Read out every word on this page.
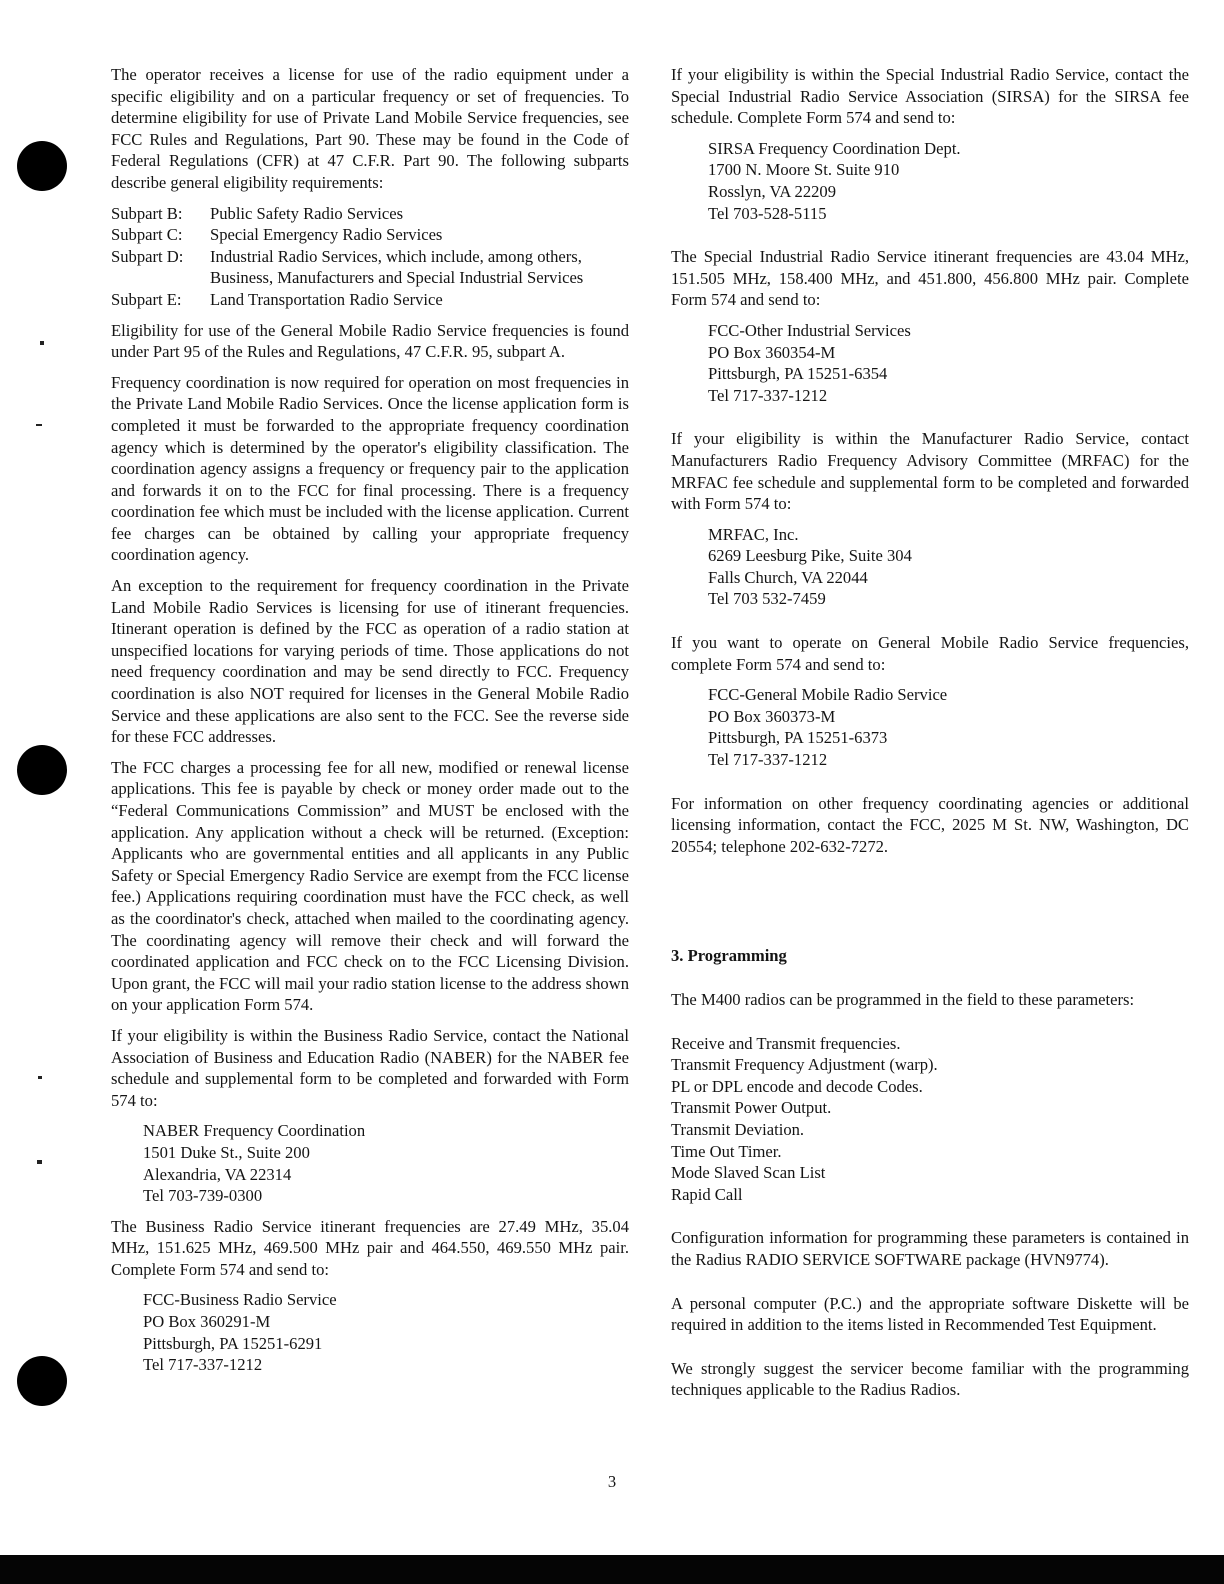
The operator receives a license for use of the radio equipment under a specific eligibility and on a particular frequency or set of frequencies. To determine eligibility for use of Private Land Mobile Service frequencies, see FCC Rules and Regulations, Part 90. These may be found in the Code of Federal Regulations (CFR) at 47 C.F.R. Part 90. The following subparts describe general eligibility requirements:

Subpart B:	Public Safety Radio Services
Subpart C:	Special Emergency Radio Services
Subpart D:	Industrial Radio Services, which include, among others, Business, Manufacturers and Special Industrial Services
Subpart E:	Land Transportation Radio Service

Eligibility for use of the General Mobile Radio Service frequencies is found under Part 95 of the Rules and Regulations, 47 C.F.R. 95, subpart A.

Frequency coordination is now required for operation on most frequencies in the Private Land Mobile Radio Services. Once the license application form is completed it must be forwarded to the appropriate frequency coordination agency which is determined by the operator's eligibility classification. The coordination agency assigns a frequency or frequency pair to the application and forwards it on to the FCC for final processing. There is a frequency coordination fee which must be included with the license application. Current fee charges can be obtained by calling your appropriate frequency coordination agency.

An exception to the requirement for frequency coordination in the Private Land Mobile Radio Services is licensing for use of itinerant frequencies. Itinerant operation is defined by the FCC as operation of a radio station at unspecified locations for varying periods of time. Those applications do not need frequency coordination and may be send directly to FCC. Frequency coordination is also NOT required for licenses in the General Mobile Radio Service and these applications are also sent to the FCC. See the reverse side for these FCC addresses.

The FCC charges a processing fee for all new, modified or renewal license applications. This fee is payable by check or money order made out to the “Federal Communications Commission” and MUST be enclosed with the application. Any application without a check will be returned. (Exception: Applicants who are governmental entities and all applicants in any Public Safety or Special Emergency Radio Service are exempt from the FCC license fee.) Applications requiring coordination must have the FCC check, as well as the coordinator's check, attached when mailed to the coordinating agency. The coordinating agency will remove their check and will forward the coordinated application and FCC check on to the FCC Licensing Division. Upon grant, the FCC will mail your radio station license to the address shown on your application Form 574.

If your eligibility is within the Business Radio Service, contact the National Association of Business and Education Radio (NABER) for the NABER fee schedule and supplemental form to be completed and forwarded with Form 574 to:

NABER Frequency Coordination
1501 Duke St., Suite 200
Alexandria, VA 22314
Tel 703-739-0300

The Business Radio Service itinerant frequencies are 27.49 MHz, 35.04 MHz, 151.625 MHz, 469.500 MHz pair and 464.550, 469.550 MHz pair. Complete Form 574 and send to:

FCC-Business Radio Service
PO Box 360291-M
Pittsburgh, PA 15251-6291
Tel 717-337-1212

If your eligibility is within the Special Industrial Radio Service, contact the Special Industrial Radio Service Association (SIRSA) for the SIRSA fee schedule. Complete Form 574 and send to:

SIRSA Frequency Coordination Dept.
1700 N. Moore St. Suite 910
Rosslyn, VA 22209
Tel 703-528-5115

The Special Industrial Radio Service itinerant frequencies are 43.04 MHz, 151.505 MHz, 158.400 MHz, and 451.800, 456.800 MHz pair. Complete Form 574 and send to:

FCC-Other Industrial Services
PO Box 360354-M
Pittsburgh, PA 15251-6354
Tel 717-337-1212

If your eligibility is within the Manufacturer Radio Service, contact Manufacturers Radio Frequency Advisory Committee (MRFAC) for the MRFAC fee schedule and supplemental form to be completed and forwarded with Form 574 to:

MRFAC, Inc.
6269 Leesburg Pike, Suite 304
Falls Church, VA 22044
Tel 703 532-7459

If you want to operate on General Mobile Radio Service frequencies, complete Form 574 and send to:

FCC-General Mobile Radio Service
PO Box 360373-M
Pittsburgh, PA 15251-6373
Tel 717-337-1212

For information on other frequency coordinating agencies or additional licensing information, contact the FCC, 2025 M St. NW, Washington, DC 20554; telephone 202-632-7272.

3. Programming

The M400 radios can be programmed in the field to these parameters:

Receive and Transmit frequencies.
Transmit Frequency Adjustment (warp).
PL or DPL encode and decode Codes.
Transmit Power Output.
Transmit Deviation.
Time Out Timer.
Mode Slaved Scan List
Rapid Call

Configuration information for programming these parameters is contained in the Radius RADIO SERVICE SOFTWARE package (HVN9774).

A personal computer (P.C.) and the appropriate software Diskette will be required in addition to the items listed in Recommended Test Equipment.

We strongly suggest the servicer become familiar with the programming techniques applicable to the Radius Radios.

3
